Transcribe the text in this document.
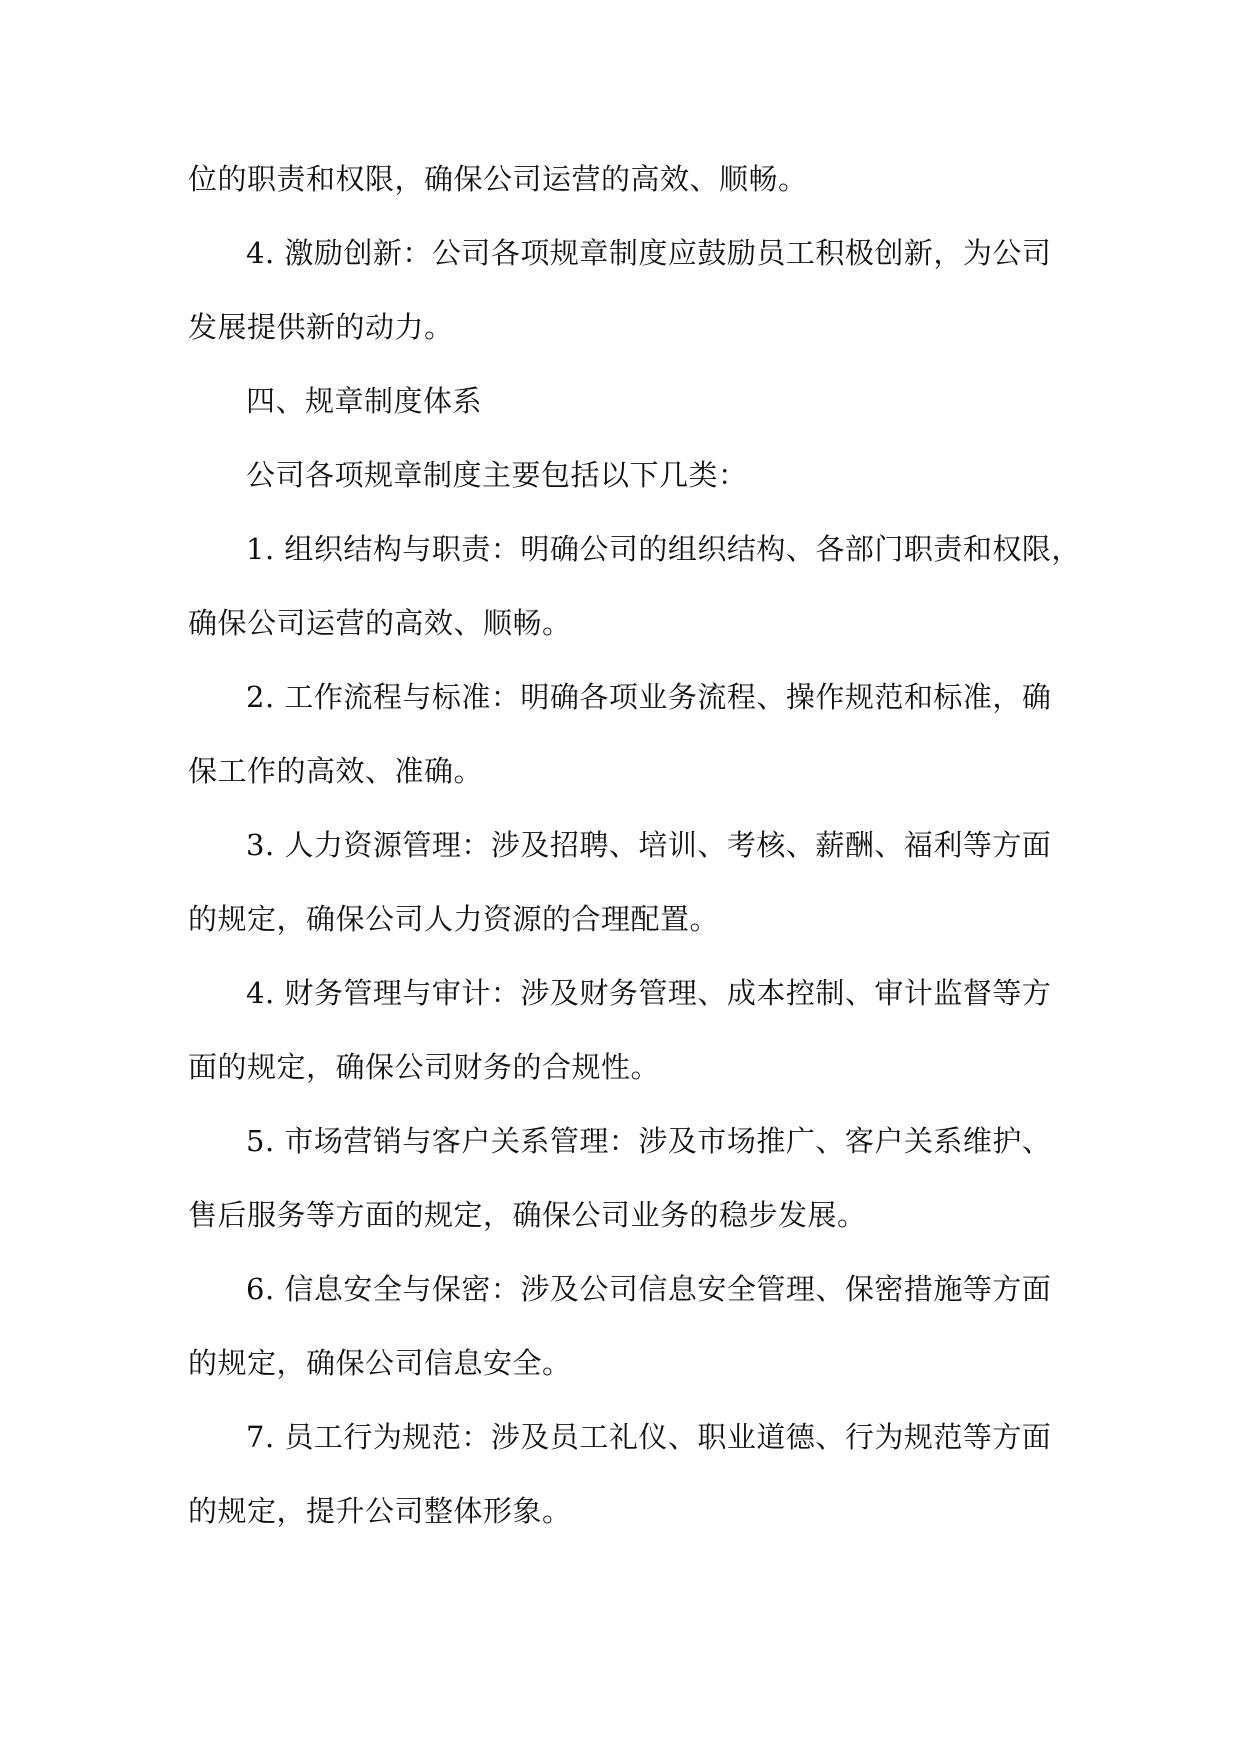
位的职责和权限，确保公司运营的高效、顺畅。
4. 激励创新：公司各项规章制度应鼓励员工积极创新，为公司
发展提供新的动力。
四、规章制度体系
公司各项规章制度主要包括以下几类：
1. 组织结构与职责：明确公司的组织结构、各部门职责和权限，
确保公司运营的高效、顺畅。
2. 工作流程与标准：明确各项业务流程、操作规范和标准，确
保工作的高效、准确。
3. 人力资源管理：涉及招聘、培训、考核、薪酬、福利等方面
的规定，确保公司人力资源的合理配置。
4. 财务管理与审计：涉及财务管理、成本控制、审计监督等方
面的规定，确保公司财务的合规性。
5. 市场营销与客户关系管理：涉及市场推广、客户关系维护、
售后服务等方面的规定，确保公司业务的稳步发展。
6. 信息安全与保密：涉及公司信息安全管理、保密措施等方面
的规定，确保公司信息安全。
7. 员工行为规范：涉及员工礼仪、职业道德、行为规范等方面
的规定，提升公司整体形象。
